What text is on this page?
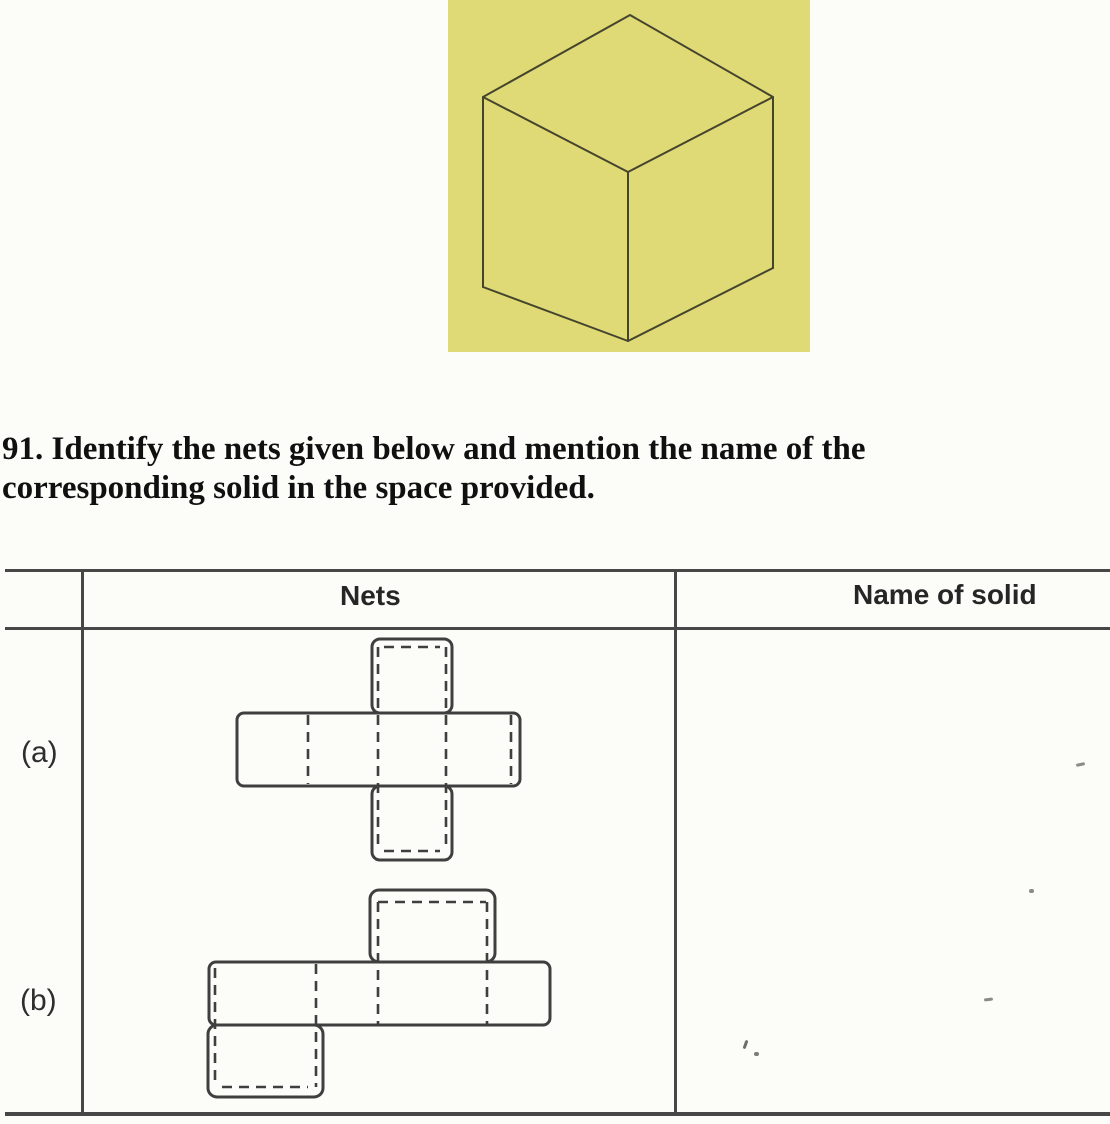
91. Identify the nets given below and mention the name of the
corresponding solid in the space provided.
Nets	Name of solid
(a)
(b)
